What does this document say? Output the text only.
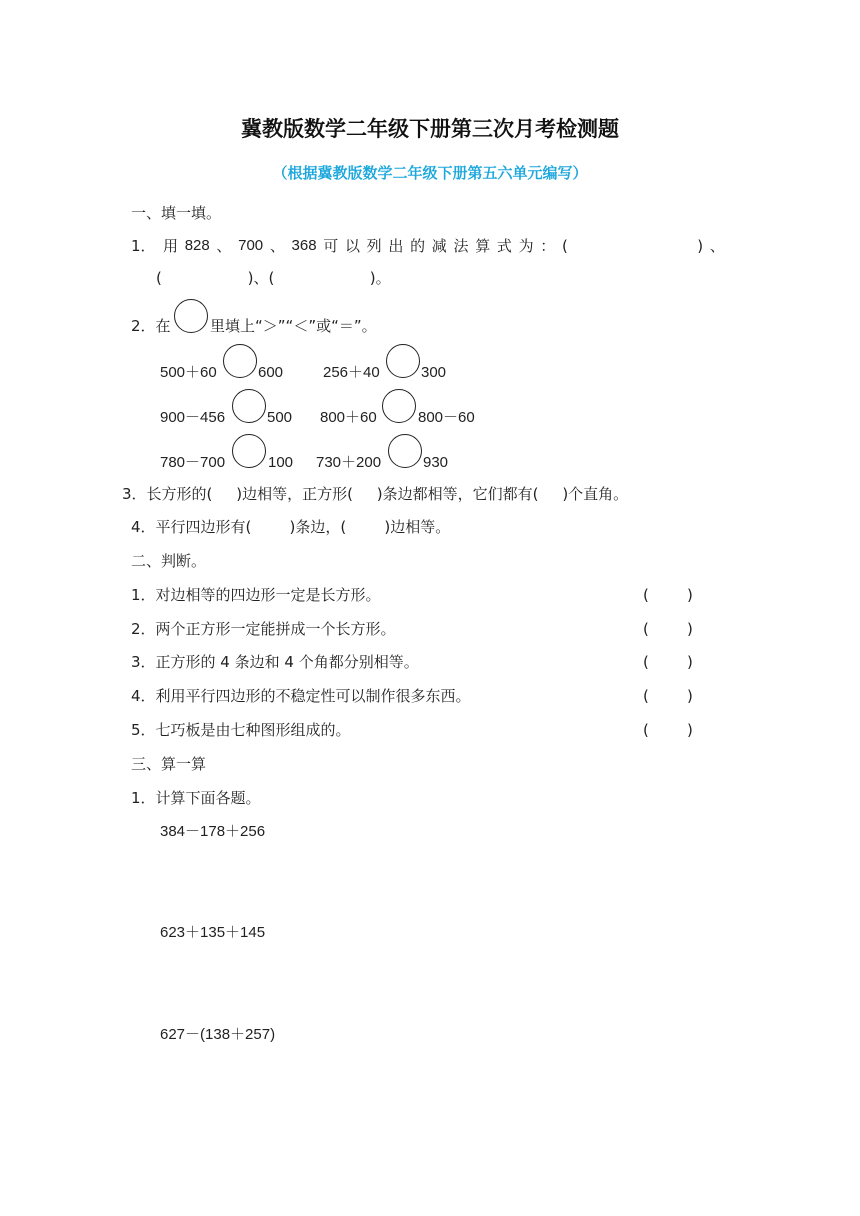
冀教版数学二年级下册第三次月考检测题
（根据冀教版数学二年级下册第五六单元编写）
一、填一填。
1． 用 828 、 700 、 368 可 以 列 出 的 减 法 算 式 为 ： (	) 、
(                  )、(                    )。
2．在	里填上“＞”“＜”或“＝”。
500＋60	600	256＋40	300
900－456	500 800＋60	800－60
780－700	100 730＋200	930
3．长方形的(     )边相等，正方形(     )条边都相等，它们都有(     )个直角。
4．平行四边形有(        )条边，(        )边相等。
二、判断。
1．对边相等的四边形一定是长方形。	(        )
2．两个正方形一定能拼成一个长方形。	(        )
3．正方形的 4 条边和 4 个角都分别相等。	(        )
4．利用平行四边形的不稳定性可以制作很多东西。	(        )
5．七巧板是由七种图形组成的。	(        )
三、算一算
1．计算下面各题。
384－178＋256
623＋135＋145
627－(138＋257)
